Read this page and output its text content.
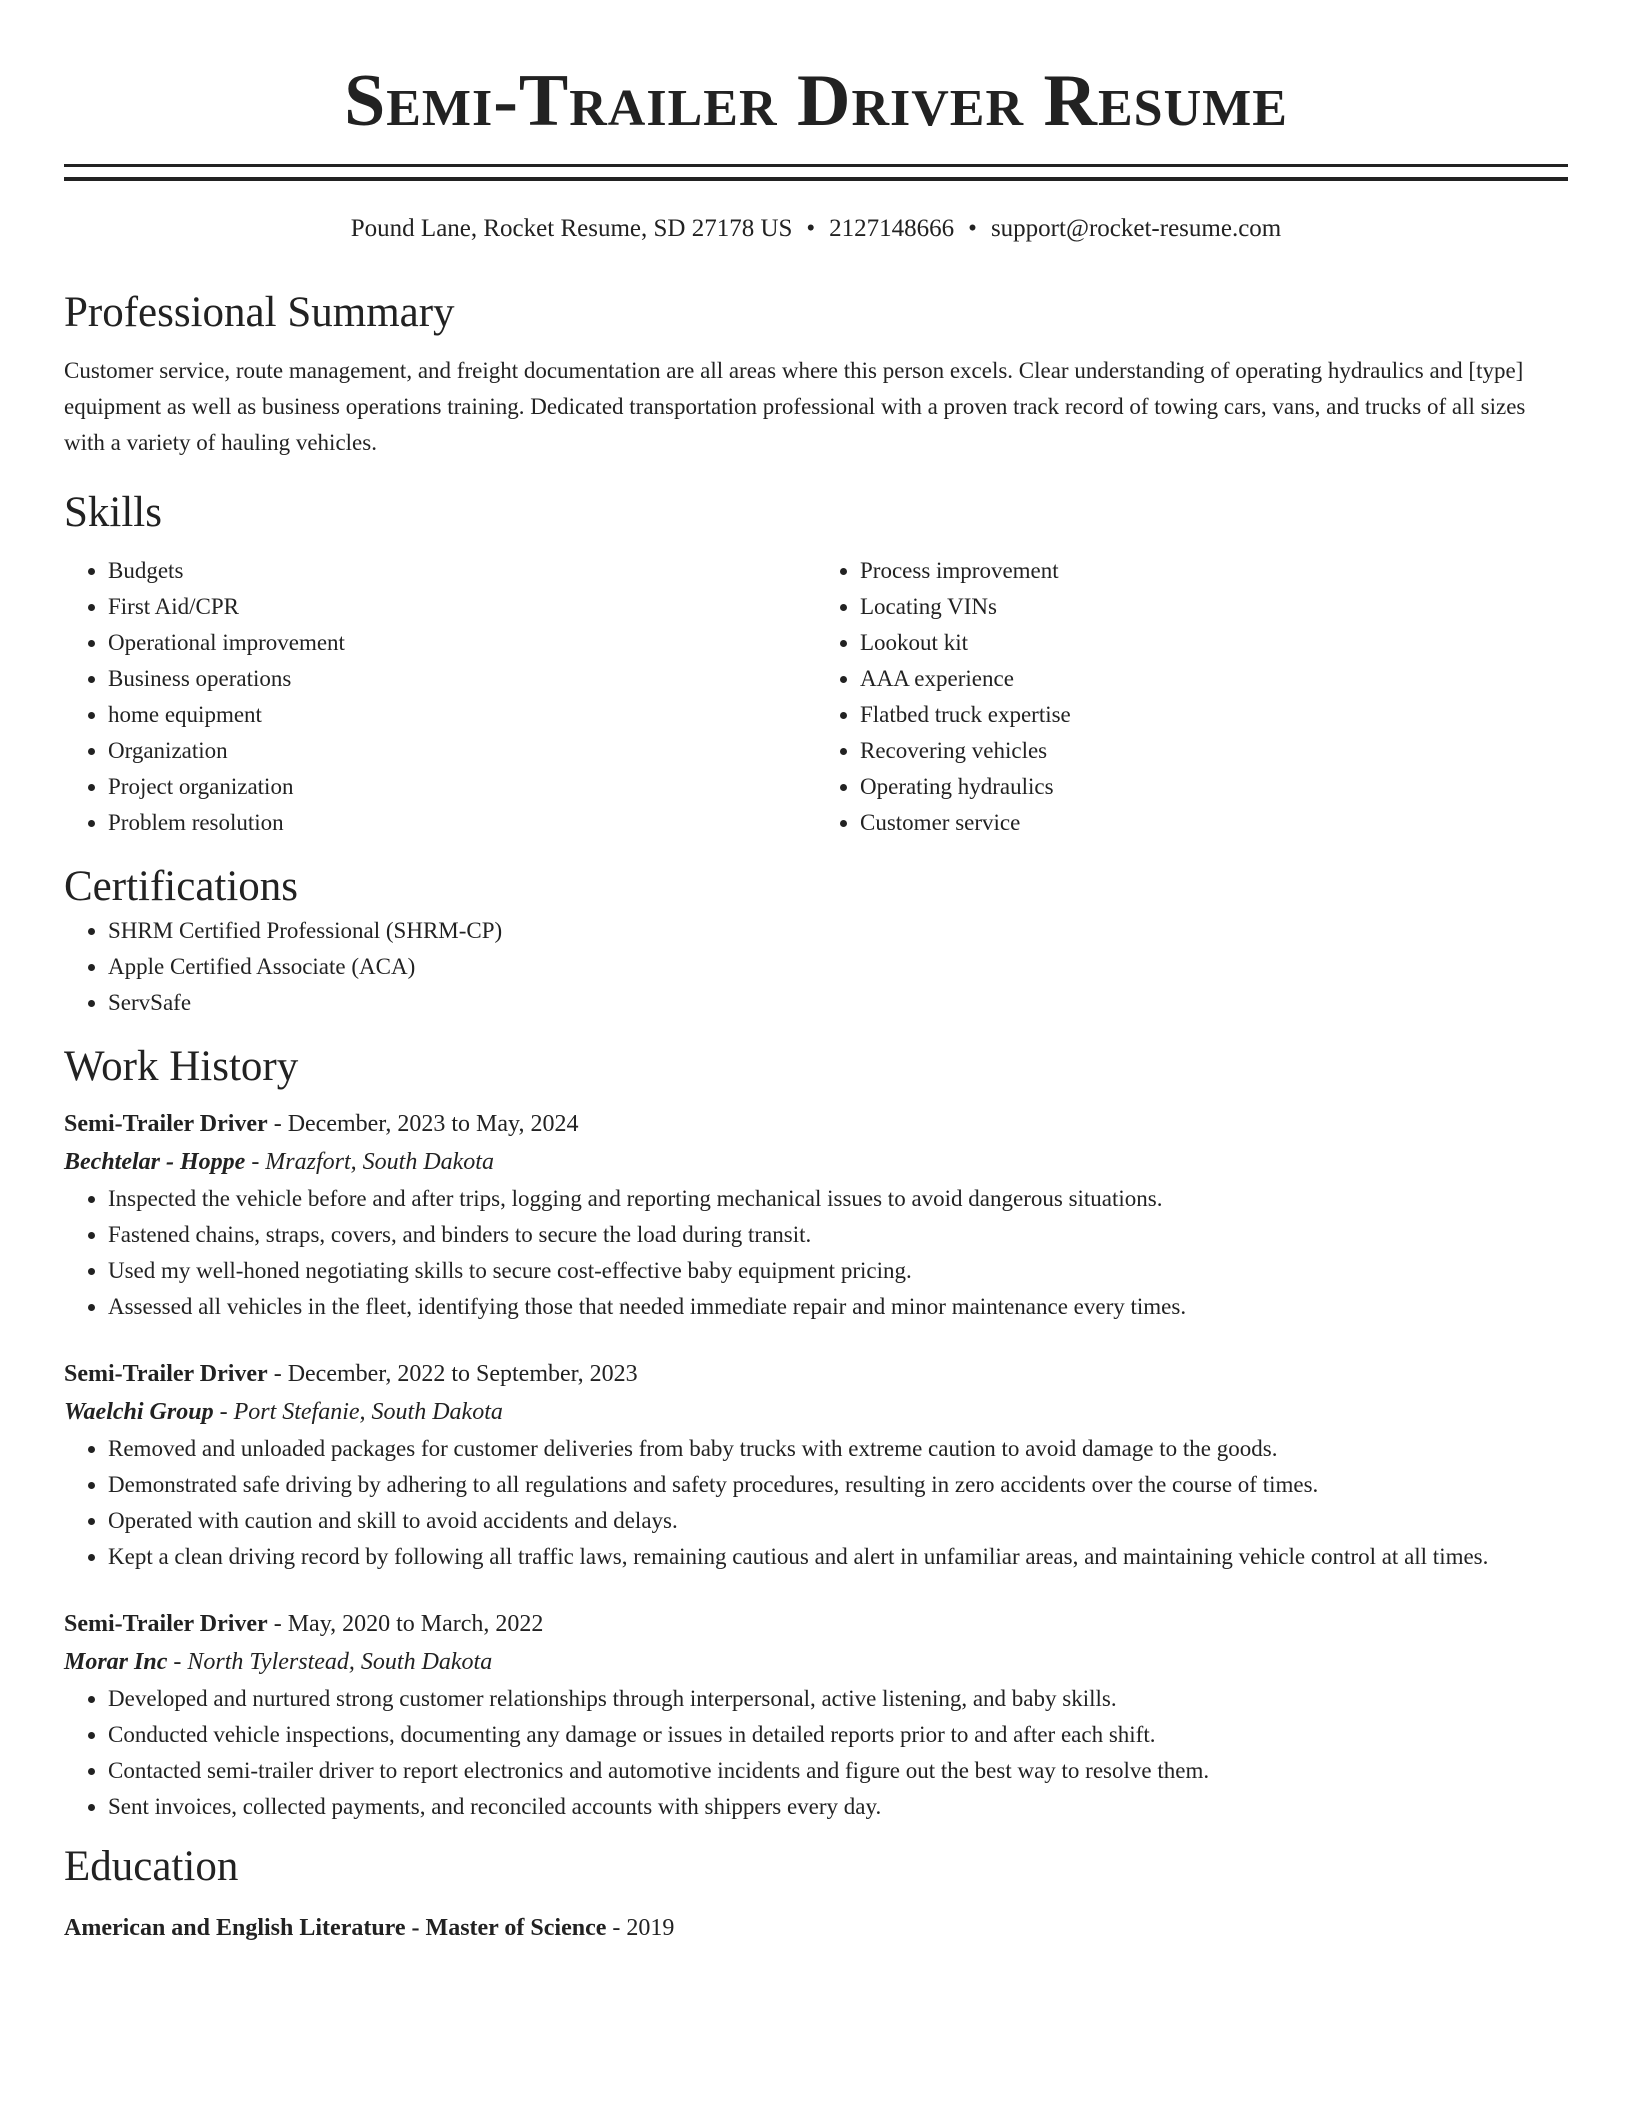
Semi-Trailer Driver Resume
Pound Lane, Rocket Resume, SD 27178 US • 2127148666 • support@rocket-resume.com
Professional Summary

Customer service, route management, and freight documentation are all areas where this person excels. Clear understanding of operating hydraulics and [type] equipment as well as business operations training. Dedicated transportation professional with a proven track record of towing cars, vans, and trucks of all sizes with a variety of hauling vehicles.

Skills
• Budgets
• First Aid/CPR
• Operational improvement
• Business operations
• home equipment
• Organization
• Project organization
• Problem resolution
• Process improvement
• Locating VINs
• Lookout kit
• AAA experience
• Flatbed truck expertise
• Recovering vehicles
• Operating hydraulics
• Customer service
Certifications
• SHRM Certified Professional (SHRM-CP)
• Apple Certified Associate (ACA)
• ServSafe
Work History
Semi-Trailer Driver - December, 2023 to May, 2024
Bechtelar - Hoppe - Mrazfort, South Dakota
• Inspected the vehicle before and after trips, logging and reporting mechanical issues to avoid dangerous situations.
• Fastened chains, straps, covers, and binders to secure the load during transit.
• Used my well-honed negotiating skills to secure cost-effective baby equipment pricing.
• Assessed all vehicles in the fleet, identifying those that needed immediate repair and minor maintenance every times.
Semi-Trailer Driver - December, 2022 to September, 2023
Waelchi Group - Port Stefanie, South Dakota
• Removed and unloaded packages for customer deliveries from baby trucks with extreme caution to avoid damage to the goods.
• Demonstrated safe driving by adhering to all regulations and safety procedures, resulting in zero accidents over the course of times.
• Operated with caution and skill to avoid accidents and delays.
• Kept a clean driving record by following all traffic laws, remaining cautious and alert in unfamiliar areas, and maintaining vehicle control at all times.
Semi-Trailer Driver - May, 2020 to March, 2022
Morar Inc - North Tylerstead, South Dakota
• Developed and nurtured strong customer relationships through interpersonal, active listening, and baby skills.
• Conducted vehicle inspections, documenting any damage or issues in detailed reports prior to and after each shift.
• Contacted semi-trailer driver to report electronics and automotive incidents and figure out the best way to resolve them.
• Sent invoices, collected payments, and reconciled accounts with shippers every day.
Education
American and English Literature - Master of Science - 2019
